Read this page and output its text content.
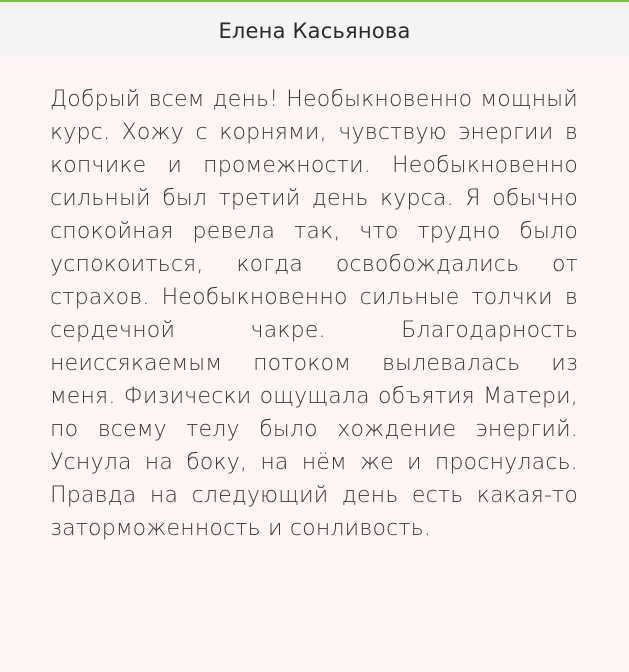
Елена Касьянова

Добрый всем день! Необыкновенно мощный курс. Хожу с корнями, чувствую энергии в копчике и промежности. Необыкновенно сильный был третий день курса. Я обычно спокойная ревела так, что трудно было успокоиться, когда освобождались от страхов. Необыкновенно сильные толчки в сердечной чакре. Благодарность неиссякаемым потоком вылевалась из меня. Физически ощущала объятия Матери, по всему телу было хождение энергий. Уснула на боку, на нём же и проснулась. Правда на следующий день есть какая-то заторможенность и сонливость.
